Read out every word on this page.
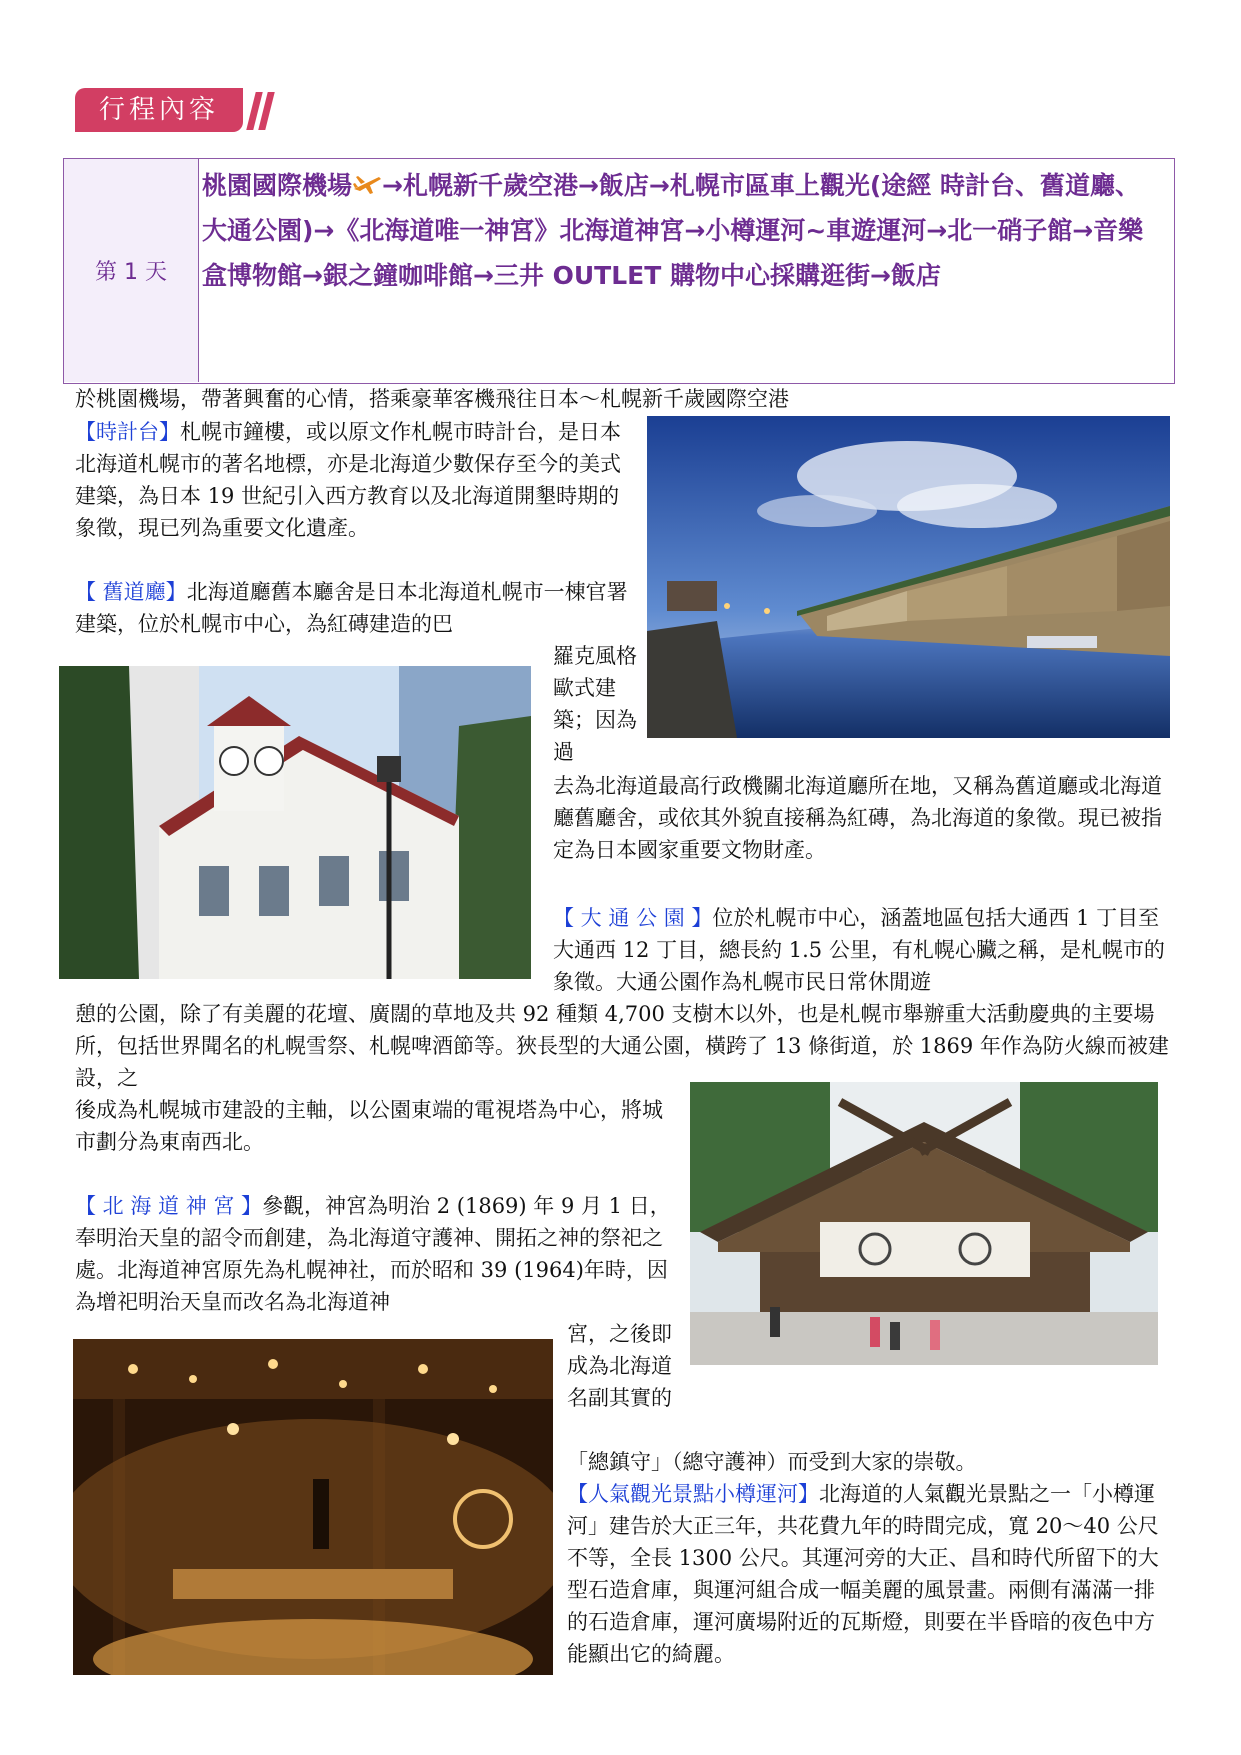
行程內容
第 1 天
桃園國際機場 →札幌新千歲空港→飯店→札幌市區車上觀光(途經 時計台、舊道廳、大通公園)→《北海道唯一神宮》北海道神宮→小樽運河~車遊運河→北一硝子館→音樂盒博物館→銀之鐘咖啡館→三井 OUTLET 購物中心採購逛街→飯店

於桃園機場，帶著興奮的心情，搭乘豪華客機飛往日本～札幌新千歲國際空港

【時計台】札幌市鐘樓，或以原文作札幌市時計台，是日本北海道札幌市的著名地標，亦是北海道少數保存至今的美式建築，為日本 19 世紀引入西方教育以及北海道開墾時期的象徵，現已列為重要文化遺產。

【 舊道廳】北海道廳舊本廳舍是日本北海道札幌市一棟官署建築，位於札幌市中心，為紅磚建造的巴

羅克風格歐式建築；因為過

去為北海道最高行政機關北海道廳所在地，又稱為舊道廳或北海道廳舊廳舍，或依其外貌直接稱為紅磚，為北海道的象徵。現已被指定為日本國家重要文物財產。

【 大 通 公 園 】位於札幌市中心，涵蓋地區包括大通西 1 丁目至大通西 12 丁目，總長約 1.5 公里，有札幌心臟之稱，是札幌市的象徵。大通公園作為札幌市民日常休閒遊

憩的公園，除了有美麗的花壇、廣闊的草地及共 92 種類 4,700 支樹木以外，也是札幌市舉辦重大活動慶典的主要場所，包括世界聞名的札幌雪祭、札幌啤酒節等。狹長型的大通公園，橫跨了 13 條街道，於 1869 年作為防火線而被建設，之

後成為札幌城市建設的主軸，以公園東端的電視塔為中心，將城市劃分為東南西北。

【 北 海 道 神 宮 】參觀，神宮為明治 2 (1869) 年 9 月 1 日，奉明治天皇的詔令而創建，為北海道守護神、開拓之神的祭祀之處。北海道神宮原先為札幌神社，而於昭和 39 (1964)年時，因為增祀明治天皇而改名為北海道神

宮，之後即成為北海道名副其實的

「總鎮守」（總守護神）而受到大家的崇敬。

【人氣觀光景點小樽運河】北海道的人氣觀光景點之一「小樽運河」建告於大正三年，共花費九年的時間完成，寬 20～40 公尺不等，全長 1300 公尺。其運河旁的大正、昌和時代所留下的大型石造倉庫，與運河組合成一幅美麗的風景畫。兩側有滿滿一排的石造倉庫，運河廣場附近的瓦斯燈，則要在半昏暗的夜色中方能顯出它的綺麗。
